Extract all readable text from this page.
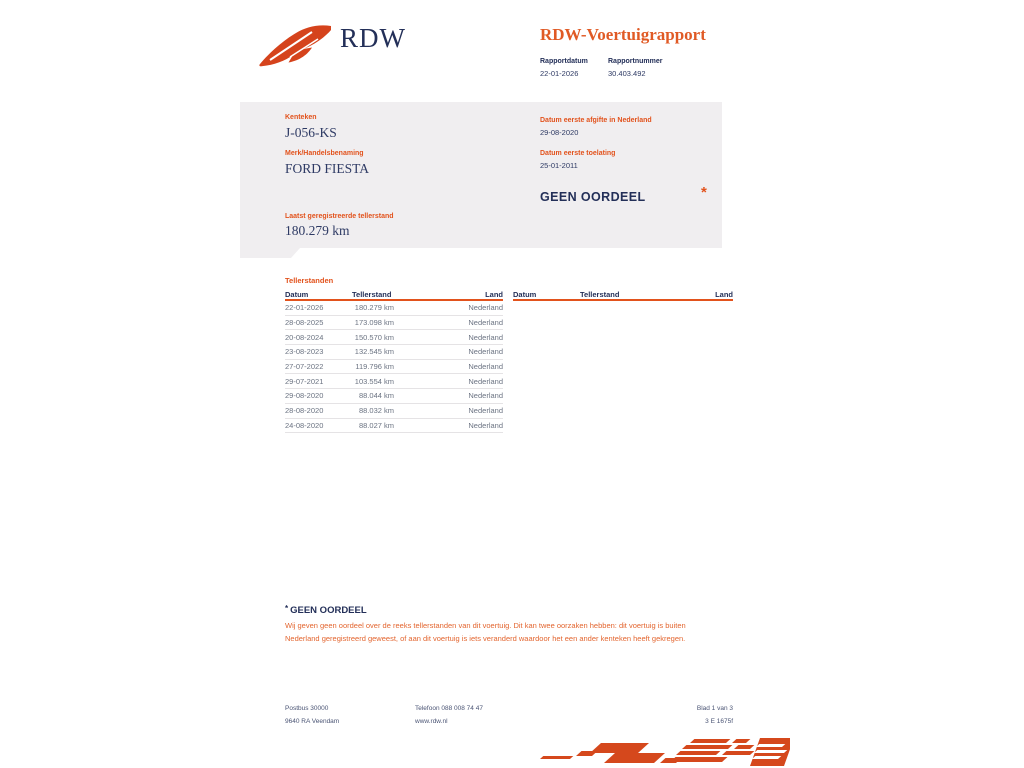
RDW	RDW-Voertuigrapport
Rapportdatum	Rapportnummer
22-01-2026	30.403.492
Kenteken
J-056-KS
Merk/Handelsbenaming
FORD FIESTA
Laatst geregistreerde tellerstand
180.279 km
Datum eerste afgifte in Nederland
29-08-2020
Datum eerste toelating
25-01-2011
GEEN OORDEEL	*
Tellerstanden
Datum	Tellerstand	Land
22-01-2026	180.279 km	Nederland
28-08-2025	173.098 km	Nederland
20-08-2024	150.570 km	Nederland
23-08-2023	132.545 km	Nederland
27-07-2022	119.796 km	Nederland
29-07-2021	103.554 km	Nederland
29-08-2020	88.044 km	Nederland
28-08-2020	88.032 km	Nederland
24-08-2020	88.027 km	Nederland
Datum	Tellerstand	Land
* GEEN OORDEEL
Wij geven geen oordeel over de reeks tellerstanden van dit voertuig. Dit kan twee oorzaken hebben: dit voertuig is buiten Nederland geregistreerd geweest, of aan dit voertuig is iets veranderd waardoor het een ander kenteken heeft gekregen.
Postbus 30000
9640 RA Veendam
Telefoon 088 008 74 47
www.rdw.nl
Blad 1 van 3
3 E 1675f
